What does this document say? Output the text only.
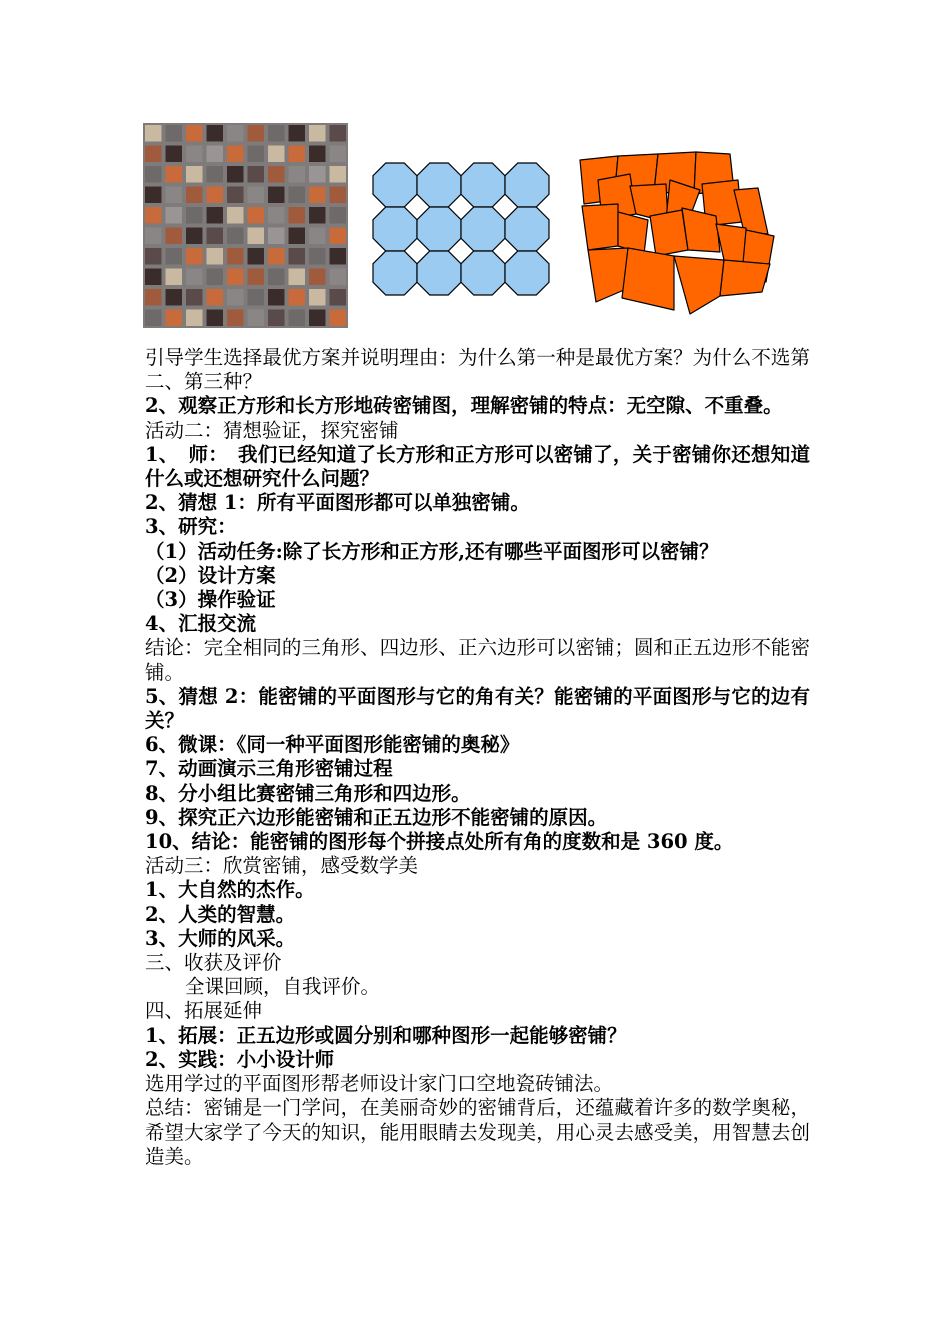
引导学生选择最优方案并说明理由：为什么第一种是最优方案？为什么不选第二、第三种？

2、观察正方形和长方形地砖密铺图，理解密铺的特点：无空隙、不重叠。

活动二：猜想验证，探究密铺

1、　师：　我们已经知道了长方形和正方形可以密铺了，关于密铺你还想知道什么或还想研究什么问题？

2、猜想 1：所有平面图形都可以单独密铺。

3、研究：

（1）活动任务:除了长方形和正方形,还有哪些平面图形可以密铺？

（2）设计方案

（3）操作验证

4、汇报交流

结论：完全相同的三角形、四边形、正六边形可以密铺；圆和正五边形不能密铺。

5、猜想 2：能密铺的平面图形与它的角有关？能密铺的平面图形与它的边有关？

6、微课：《同一种平面图形能密铺的奥秘》

7、动画演示三角形密铺过程

8、分小组比赛密铺三角形和四边形。

9、探究正六边形能密铺和正五边形不能密铺的原因。

10、结论：能密铺的图形每个拼接点处所有角的度数和是 360 度。

活动三：欣赏密铺，感受数学美

1、大自然的杰作。

2、人类的智慧。

3、大师的风采。

三、收获及评价

全课回顾，自我评价。

四、拓展延伸

1、拓展：正五边形或圆分别和哪种图形一起能够密铺？

2、实践：小小设计师

选用学过的平面图形帮老师设计家门口空地瓷砖铺法。

总结：密铺是一门学问，在美丽奇妙的密铺背后，还蕴藏着许多的数学奥秘，希望大家学了今天的知识，能用眼睛去发现美，用心灵去感受美，用智慧去创造美。
